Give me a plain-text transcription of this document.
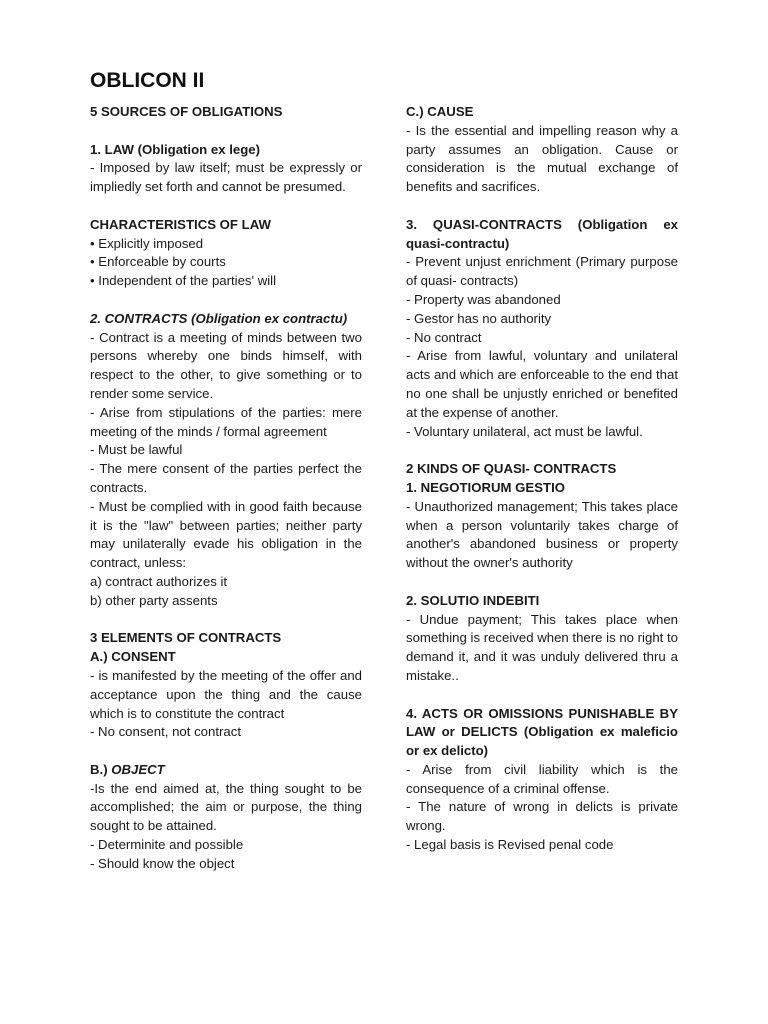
OBLICON II

5 SOURCES OF OBLIGATIONS

1. LAW (Obligation ex lege)

- Imposed by law itself; must be expressly or impliedly set forth and cannot be presumed.

CHARACTERISTICS OF LAW

• Explicitly imposed

• Enforceable by courts

• Independent of the parties' will

2. CONTRACTS (Obligation ex contractu)

- Contract is a meeting of minds between two persons whereby one binds himself, with respect to the other, to give something or to render some service.

- Arise from stipulations of the parties: mere meeting of the minds / formal agreement

- Must be lawful

- The mere consent of the parties perfect the contracts.

- Must be complied with in good faith because it is the "law" between parties; neither party may unilaterally evade his obligation in the contract, unless:

a) contract authorizes it

b) other party assents

3 ELEMENTS OF CONTRACTS

A.) CONSENT

- is manifested by the meeting of the offer and acceptance upon the thing and the cause which is to constitute the contract

- No consent, not contract

B.) OBJECT

-Is the end aimed at, the thing sought to be accomplished; the aim or purpose, the thing sought to be attained.

- Determinite and possible

- Should know the object

C.) CAUSE

- Is the essential and impelling reason why a party assumes an obligation. Cause or consideration is the mutual exchange of benefits and sacrifices.

3. QUASI-CONTRACTS (Obligation ex quasi-contractu)

- Prevent unjust enrichment (Primary purpose of quasi- contracts)

- Property was abandoned

- Gestor has no authority

- No contract

- Arise from lawful, voluntary and unilateral acts and which are enforceable to the end that no one shall be unjustly enriched or benefited at the expense of another.

- Voluntary unilateral, act must be lawful.

2 KINDS OF QUASI- CONTRACTS

1. NEGOTIORUM GESTIO

- Unauthorized management; This takes place when a person voluntarily takes charge of another's abandoned business or property without the owner's authority

2. SOLUTIO INDEBITI

- Undue payment; This takes place when something is received when there is no right to demand it, and it was unduly delivered thru a mistake..

4. ACTS OR OMISSIONS PUNISHABLE BY LAW or DELICTS (Obligation ex maleficio or ex delicto)

- Arise from civil liability which is the consequence of a criminal offense.

- The nature of wrong in delicts is private wrong.

- Legal basis is Revised penal code
